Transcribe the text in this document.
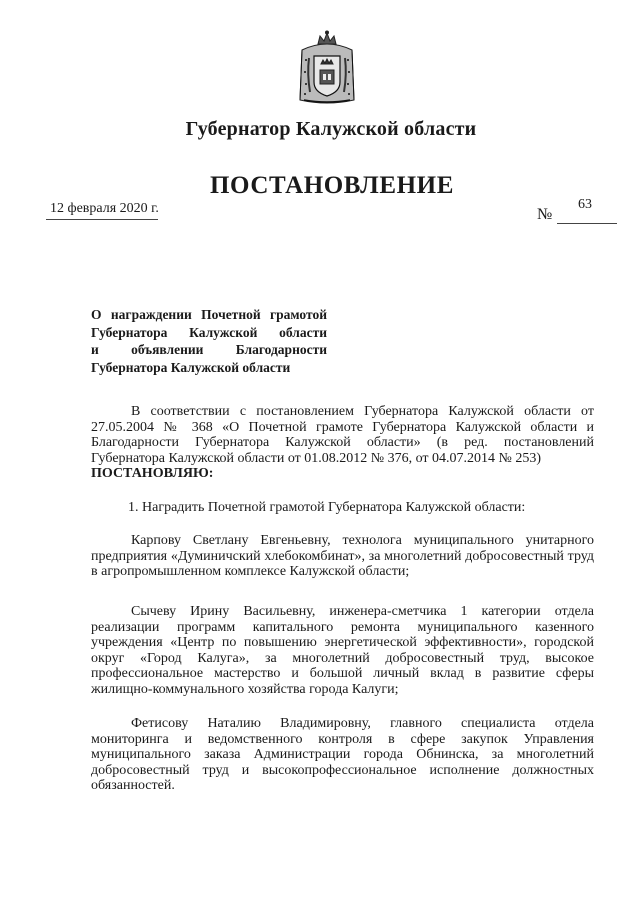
Губернатор Калужской области
ПОСТАНОВЛЕНИЕ
12 февраля 2020 г.	№
63
О награждении Почетной грамотой
Губернатора Калужской области
и объявлении Благодарности
Губернатора Калужской области
В соответствии с постановлением Губернатора Калужской области от 27.05.2004 № 368 «О Почетной грамоте Губернатора Калужской области и Благодарности Губернатора Калужской области» (в ред. постановлений Губернатора Калужской области от 01.08.2012 № 376, от 04.07.2014 № 253)
ПОСТАНОВЛЯЮ:
1. Наградить Почетной грамотой Губернатора Калужской области:
Карпову Светлану Евгеньевну, технолога муниципального унитарного предприятия «Думиничский хлебокомбинат», за многолетний добросовестный труд в агропромышленном комплексе Калужской области;
Сычеву Ирину Васильевну, инженера-сметчика 1 категории отдела реализации программ капитального ремонта муниципального казенного учреждения «Центр по повышению энергетической эффективности», городской округ «Город Калуга», за многолетний добросовестный труд, высокое профессиональное мастерство и большой личный вклад в развитие сферы жилищно-коммунального хозяйства города Калуги;
Фетисову Наталию Владимировну, главного специалиста отдела мониторинга и ведомственного контроля в сфере закупок Управления муниципального заказа Администрации города Обнинска, за многолетний добросовестный труд и высокопрофессиональное исполнение должностных обязанностей.
